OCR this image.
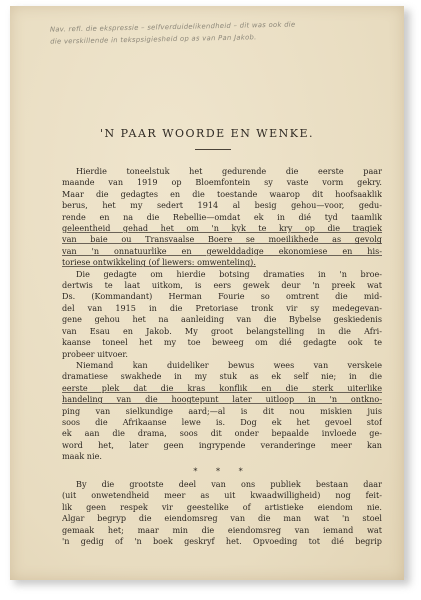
Nav. refl. die ekspressie – selfverduidelikendheid – dit was ook die
die verskillende in tekspsigiesheid op as van Pan Jakob.
'N PAAR WOORDE EN WENKE.
Hierdie toneelstuk het gedurende die eerste paar
maande van 1919 op Bloemfontein sy vaste vorm gekry.
Maar die gedagtes en die toestande waarop dit hoofsaaklik
berus, het my sedert 1914 al besig gehou—voor, gedu-
rende en na die Rebellie—omdat ek in dié tyd taamlik
geleentheid gehad het om 'n kyk te kry op die tragiek
van baie ou Transvaalse Boere se moeilikhede as gevolg
van 'n onnatuurlike en gewelddadige ekonomiese en his-
toriese ontwikkeling (of liewers: omwenteling).
Die gedagte om hierdie botsing dramaties in 'n broe-
dertwis te laat uitkom, is eers gewek deur 'n preek wat
Ds. (Kommandant) Herman Fourie so omtrent die mid-
del van 1915 in die Pretoriase tronk vir sy medegevan-
gene gehou het na aanleiding van die Bybelse geskiedenis
van Esau en Jakob. My groot belangstelling in die Afri-
kaanse toneel het my toe beweeg om dié gedagte ook te
probeer uitvoer.
Niemand kan duideliker bewus wees van verskeie
dramatiese swakhede in my stuk as ek self nie; in die
eerste plek dat die kras konflik en die sterk uiterlike
handeling van die hoogtepunt later uitloop in 'n ontkno-
ping van sielkundige aard;—al is dit nou miskien juis
soos die Afrikaanse lewe is. Dog ek het gevoel stof
ek aan die drama, soos dit onder bepaalde invloede ge-
word het, later geen ingrypende veranderinge meer kan
maak nie.
* * *
By die grootste deel van ons publiek bestaan daar
(uit onwetendheid meer as uit kwaadwilligheid) nog feit-
lik geen respek vir geestelike of artistieke eiendom nie.
Algar begryp die eiendomsreg van die man wat 'n stoel
gemaak het; maar min die eiendomsreg van iemand wat
'n gedig of 'n boek geskryf het. Opvoeding tot dié begrip
